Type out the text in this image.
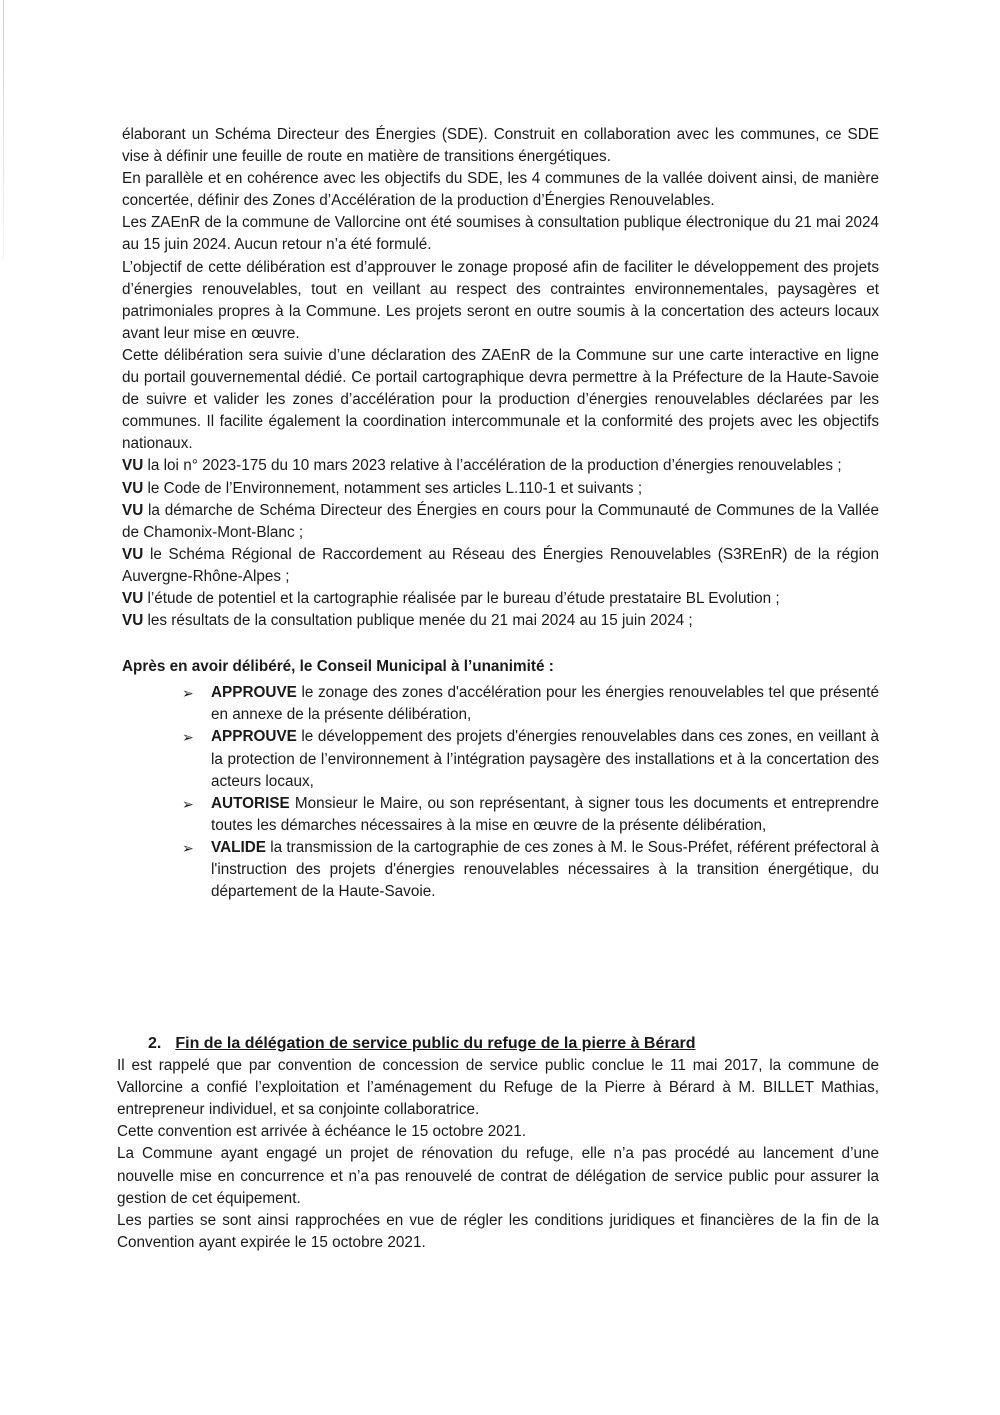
élaborant un Schéma Directeur des Énergies (SDE). Construit en collaboration avec les communes, ce SDE vise à définir une feuille de route en matière de transitions énergétiques.

En parallèle et en cohérence avec les objectifs du SDE, les 4 communes de la vallée doivent ainsi, de manière concertée, définir des Zones d’Accélération de la production d’Énergies Renouvelables.

Les ZAEnR de la commune de Vallorcine ont été soumises à consultation publique électronique du 21 mai 2024 au 15 juin 2024. Aucun retour n’a été formulé.

L’objectif de cette délibération est d’approuver le zonage proposé afin de faciliter le développement des projets d’énergies renouvelables, tout en veillant au respect des contraintes environnementales, paysagères et patrimoniales propres à la Commune. Les projets seront en outre soumis à la concertation des acteurs locaux avant leur mise en œuvre.

Cette délibération sera suivie d’une déclaration des ZAEnR de la Commune sur une carte interactive en ligne du portail gouvernemental dédié. Ce portail cartographique devra permettre à la Préfecture de la Haute-Savoie de suivre et valider les zones d’accélération pour la production d’énergies renouvelables déclarées par les communes. Il facilite également la coordination intercommunale et la conformité des projets avec les objectifs nationaux.

VU la loi n° 2023-175 du 10 mars 2023 relative à l’accélération de la production d’énergies renouvelables ;

VU le Code de l’Environnement, notamment ses articles L.110-1 et suivants ;

VU la démarche de Schéma Directeur des Énergies en cours pour la Communauté de Communes de la Vallée de Chamonix-Mont-Blanc ;

VU le Schéma Régional de Raccordement au Réseau des Énergies Renouvelables (S3REnR) de la région Auvergne-Rhône-Alpes ;

VU l’étude de potentiel et la cartographie réalisée par le bureau d’étude prestataire BL Evolution ;

VU les résultats de la consultation publique menée du 21 mai 2024 au 15 juin 2024 ;

Après en avoir délibéré, le Conseil Municipal à l’unanimité :

➢ APPROUVE le zonage des zones d'accélération pour les énergies renouvelables tel que présenté en annexe de la présente délibération,
➢ APPROUVE le développement des projets d'énergies renouvelables dans ces zones, en veillant à la protection de l’environnement à l’intégration paysagère des installations et à la concertation des acteurs locaux,
➢ AUTORISE Monsieur le Maire, ou son représentant, à signer tous les documents et entreprendre toutes les démarches nécessaires à la mise en œuvre de la présente délibération,
➢ VALIDE la transmission de la cartographie de ces zones à M. le Sous-Préfet, référent préfectoral à l'instruction des projets d'énergies renouvelables nécessaires à la transition énergétique, du département de la Haute-Savoie.

2. Fin de la délégation de service public du refuge de la pierre à Bérard

Il est rappelé que par convention de concession de service public conclue le 11 mai 2017, la commune de Vallorcine a confié l’exploitation et l’aménagement du Refuge de la Pierre à Bérard à M. BILLET Mathias, entrepreneur individuel, et sa conjointe collaboratrice.

Cette convention est arrivée à échéance le 15 octobre 2021.

La Commune ayant engagé un projet de rénovation du refuge, elle n’a pas procédé au lancement d’une nouvelle mise en concurrence et n’a pas renouvelé de contrat de délégation de service public pour assurer la gestion de cet équipement.

Les parties se sont ainsi rapprochées en vue de régler les conditions juridiques et financières de la fin de la Convention ayant expirée le 15 octobre 2021.
